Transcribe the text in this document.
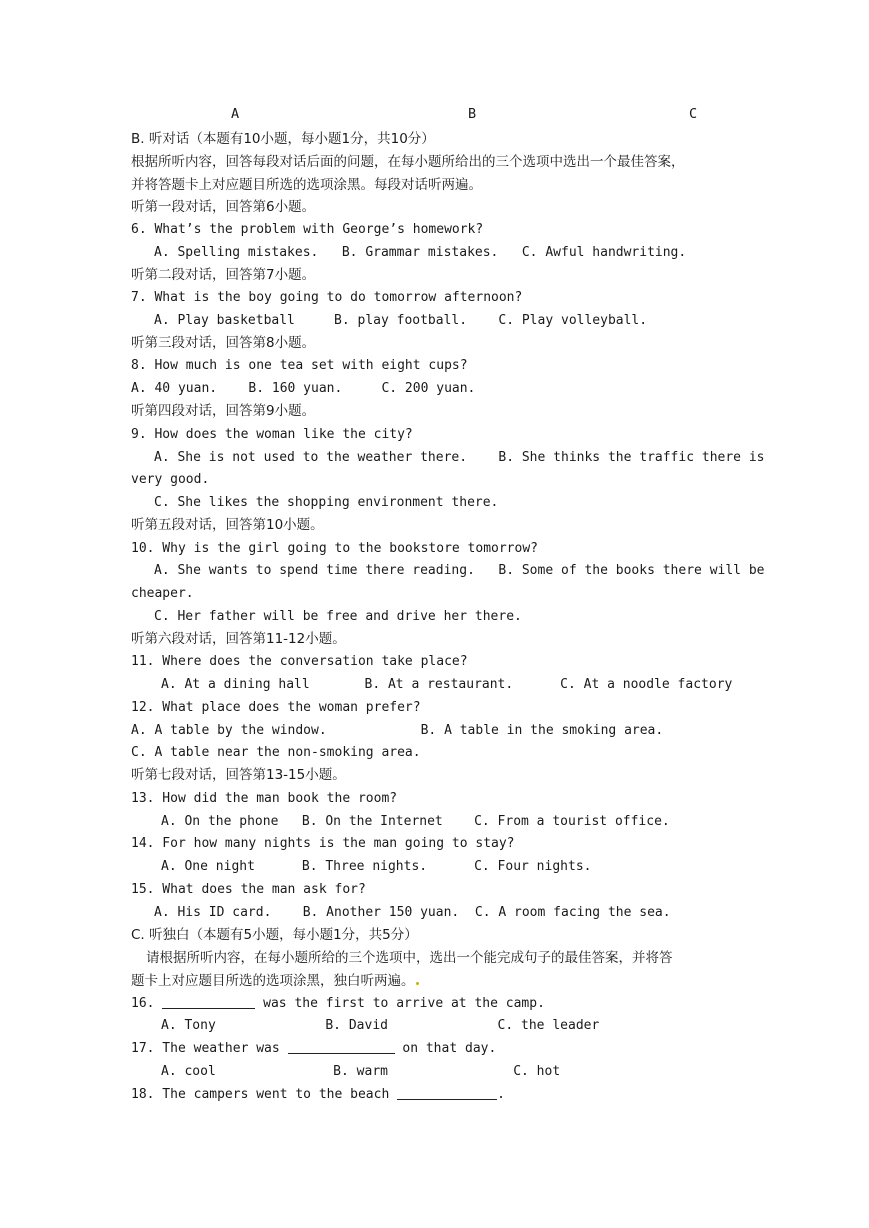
A	B	C
B. 听对话（本题有10小题，每小题1分，共10分）
根据所听内容，回答每段对话后面的问题，在每小题所给出的三个选项中选出一个最佳答案，
并将答题卡上对应题目所选的选项涂黑。每段对话听两遍。
听第一段对话，回答第6小题。
6. What’s the problem with George’s homework?
A. Spelling mistakes.   B. Grammar mistakes.   C. Awful handwriting.
听第二段对话，回答第7小题。
7. What is the boy going to do tomorrow afternoon?
A. Play basketball     B. play football.    C. Play volleyball.
听第三段对话，回答第8小题。
8. How much is one tea set with eight cups?
A. 40 yuan.    B. 160 yuan.     C. 200 yuan.
听第四段对话，回答第9小题。
9. How does the woman like the city?
A. She is not used to the weather there.    B. She thinks the traffic there is
very good.
C. She likes the shopping environment there.
听第五段对话，回答第10小题。
10. Why is the girl going to the bookstore tomorrow?
A. She wants to spend time there reading.   B. Some of the books there will be
cheaper.
C. Her father will be free and drive her there.
听第六段对话，回答第11-12小题。
11. Where does the conversation take place?
A. At a dining hall       B. At a restaurant.      C. At a noodle factory
12. What place does the woman prefer?
A. A table by the window.            B. A table in the smoking area.
C. A table near the non-smoking area.
听第七段对话，回答第13-15小题。
13. How did the man book the room?
A. On the phone   B. On the Internet    C. From a tourist office.
14. For how many nights is the man going to stay?
A. One night      B. Three nights.      C. Four nights.
15. What does the man ask for?
A. His ID card.    B. Another 150 yuan.  C. A room facing the sea.
C. 听独白（本题有5小题，每小题1分，共5分）
请根据所听内容，在每小题所给的三个选项中，选出一个能完成句子的最佳答案，并将答
题卡上对应题目所选的选项涂黑，独白听两遍。
16.	was the first to arrive at the camp.
A. Tony              B. David              C. the leader
17. The weather was	on that day.
A. cool               B. warm                C. hot
18. The campers went to the beach	.
